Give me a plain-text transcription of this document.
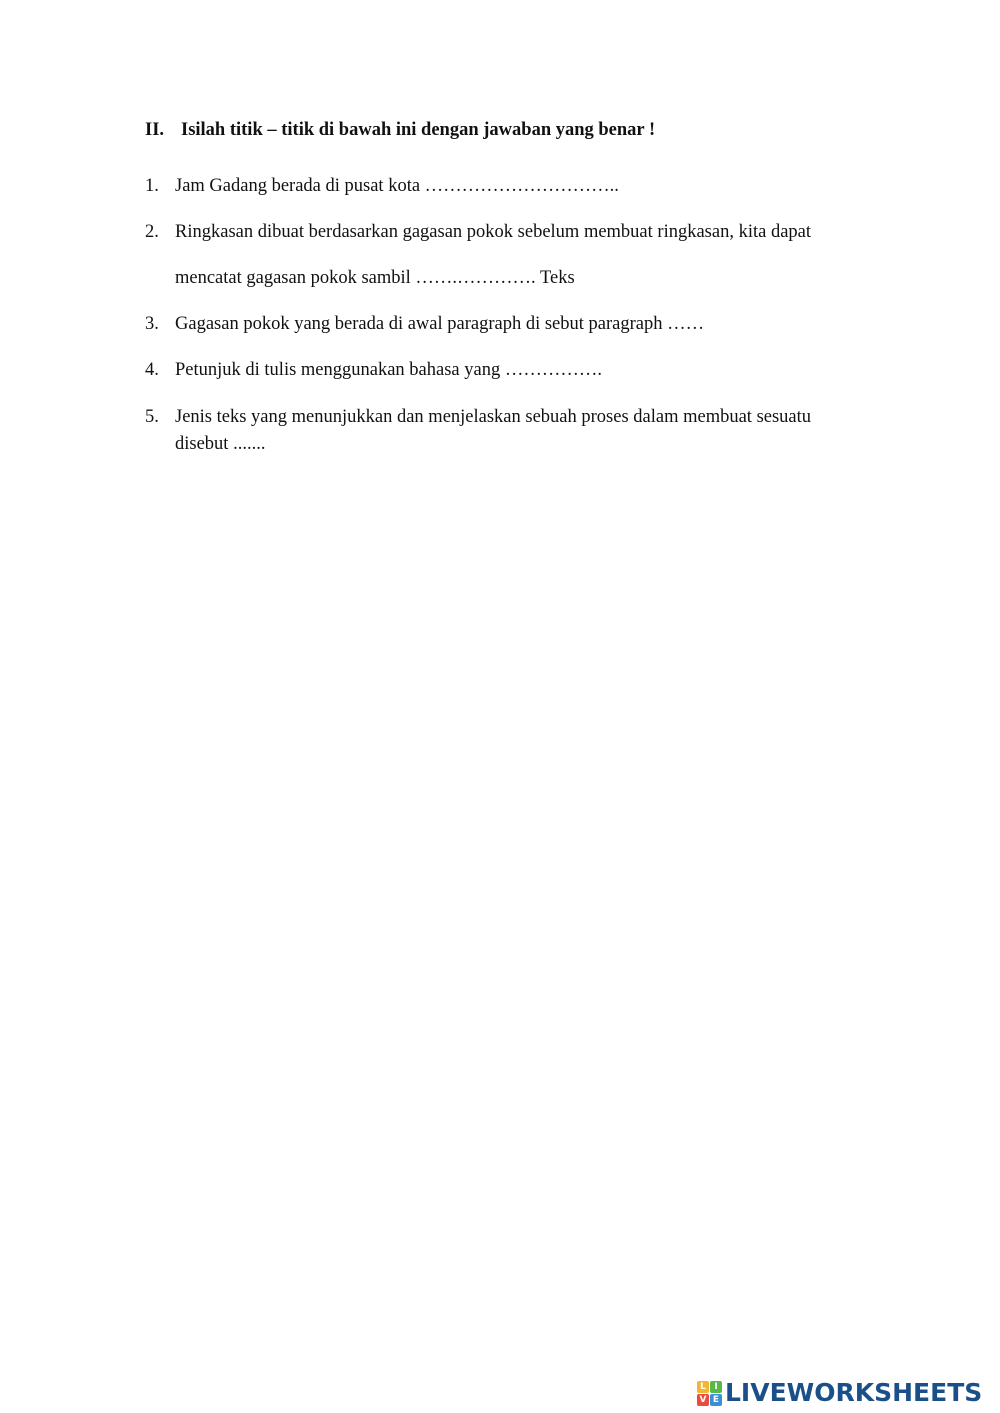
II. Isilah titik – titik di bawah ini dengan jawaban yang benar !
1. Jam Gadang berada di pusat kota …………………………..
2. Ringkasan dibuat berdasarkan gagasan pokok sebelum membuat ringkasan, kita dapat
mencatat gagasan pokok sambil …….…………. Teks
3. Gagasan pokok yang berada di awal paragraph di sebut paragraph ……
4. Petunjuk di tulis menggunakan bahasa yang …………….
5. Jenis teks yang menunjukkan dan menjelaskan sebuah proses dalam membuat sesuatu
disebut .......
L I
V E LIVEWORKSHEETS
